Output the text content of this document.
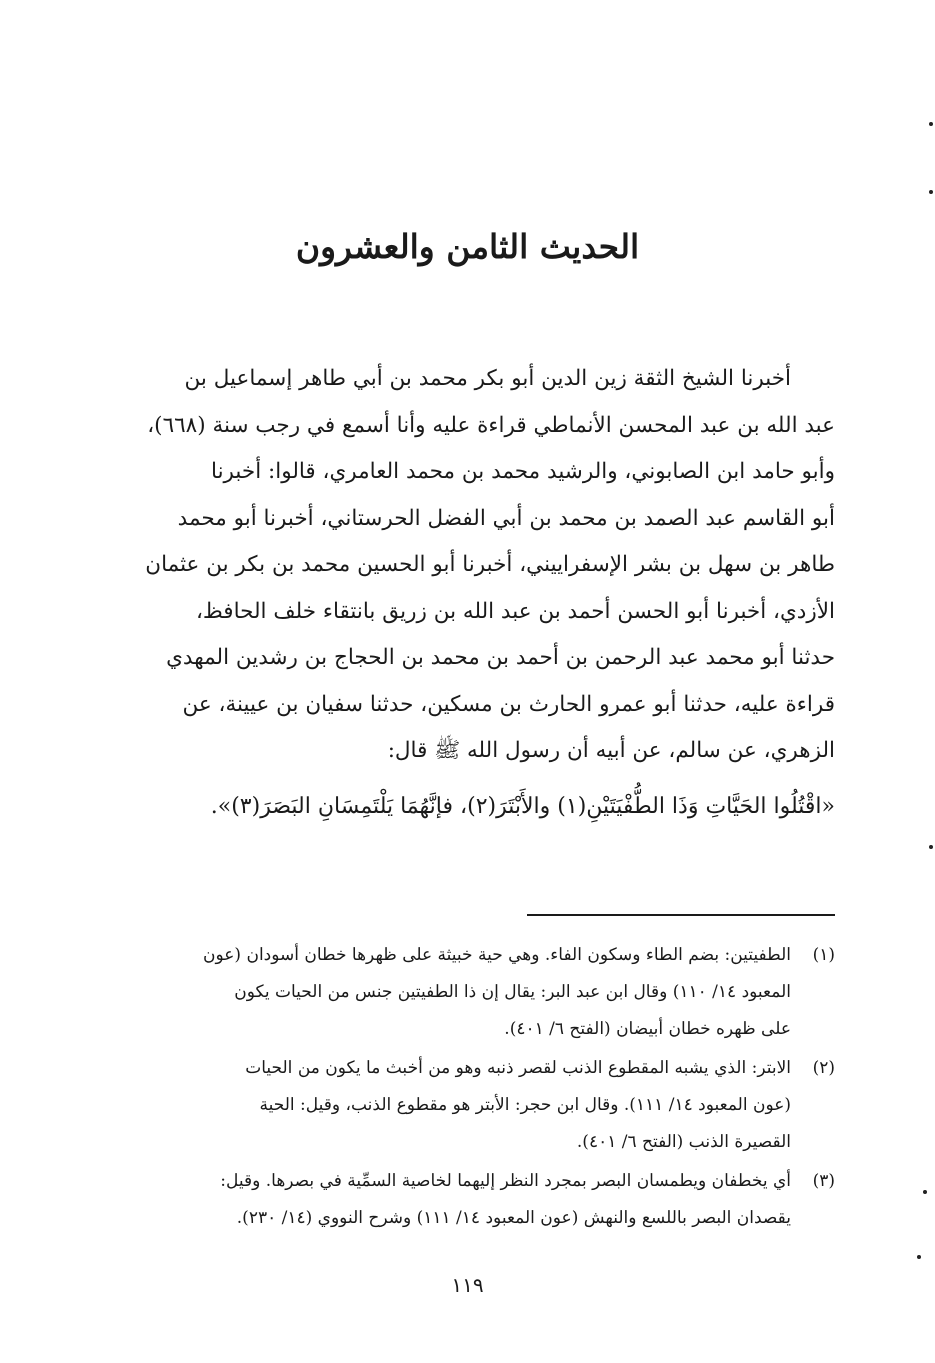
الحديث الثامن والعشرون
أخبرنا الشيخ الثقة زين الدين أبو بكر محمد بن أبي طاهر إسماعيل بن
عبد الله بن عبد المحسن الأنماطي قراءة عليه وأنا أسمع في رجب سنة (٦٦٨)،
وأبو حامد ابن الصابوني، والرشيد محمد بن محمد العامري، قالوا: أخبرنا
أبو القاسم عبد الصمد بن محمد بن أبي الفضل الحرستاني، أخبرنا أبو محمد
طاهر بن سهل بن بشر الإسفراييني، أخبرنا أبو الحسين محمد بن بكر بن عثمان
الأزدي، أخبرنا أبو الحسن أحمد بن عبد الله بن زريق بانتقاء خلف الحافظ،
حدثنا أبو محمد عبد الرحمن بن أحمد بن محمد بن الحجاج بن رشدين المهدي
قراءة عليه، حدثنا أبو عمرو الحارث بن مسكين، حدثنا سفيان بن عيينة، عن
الزهري، عن سالم، عن أبيه أن رسول الله ﷺ قال:

«اقْتُلُوا الحَيَّاتِ وَذَا الطُّفْيَتَيْنِ(١) والأَبْتَرَ(٢)، فإنَّهُمَا يَلْتَمِسَانِ البَصَرَ(٣)».

(١)
الطفيتين: بضم الطاء وسكون الفاء. وهي حية خبيثة على ظهرها خطان أسودان (عون
المعبود ١٤/ ١١٠) وقال ابن عبد البر: يقال إن ذا الطفيتين جنس من الحيات يكون
على ظهره خطان أبيضان (الفتح ٦/ ٤٠١).
(٢)
الابتر: الذي يشبه المقطوع الذنب لقصر ذنبه وهو من أخبث ما يكون من الحيات
(عون المعبود ١٤/ ١١١). وقال ابن حجر: الأبتر هو مقطوع الذنب، وقيل: الحية
القصيرة الذنب (الفتح ٦/ ٤٠١).
(٣)
أي يخطفان ويطمسان البصر بمجرد النظر إليهما لخاصية السمِّية في بصرها. وقيل:
يقصدان البصر باللسع والنهش (عون المعبود ١٤/ ١١١) وشرح النووي (١٤/ ٢٣٠).
١١٩
